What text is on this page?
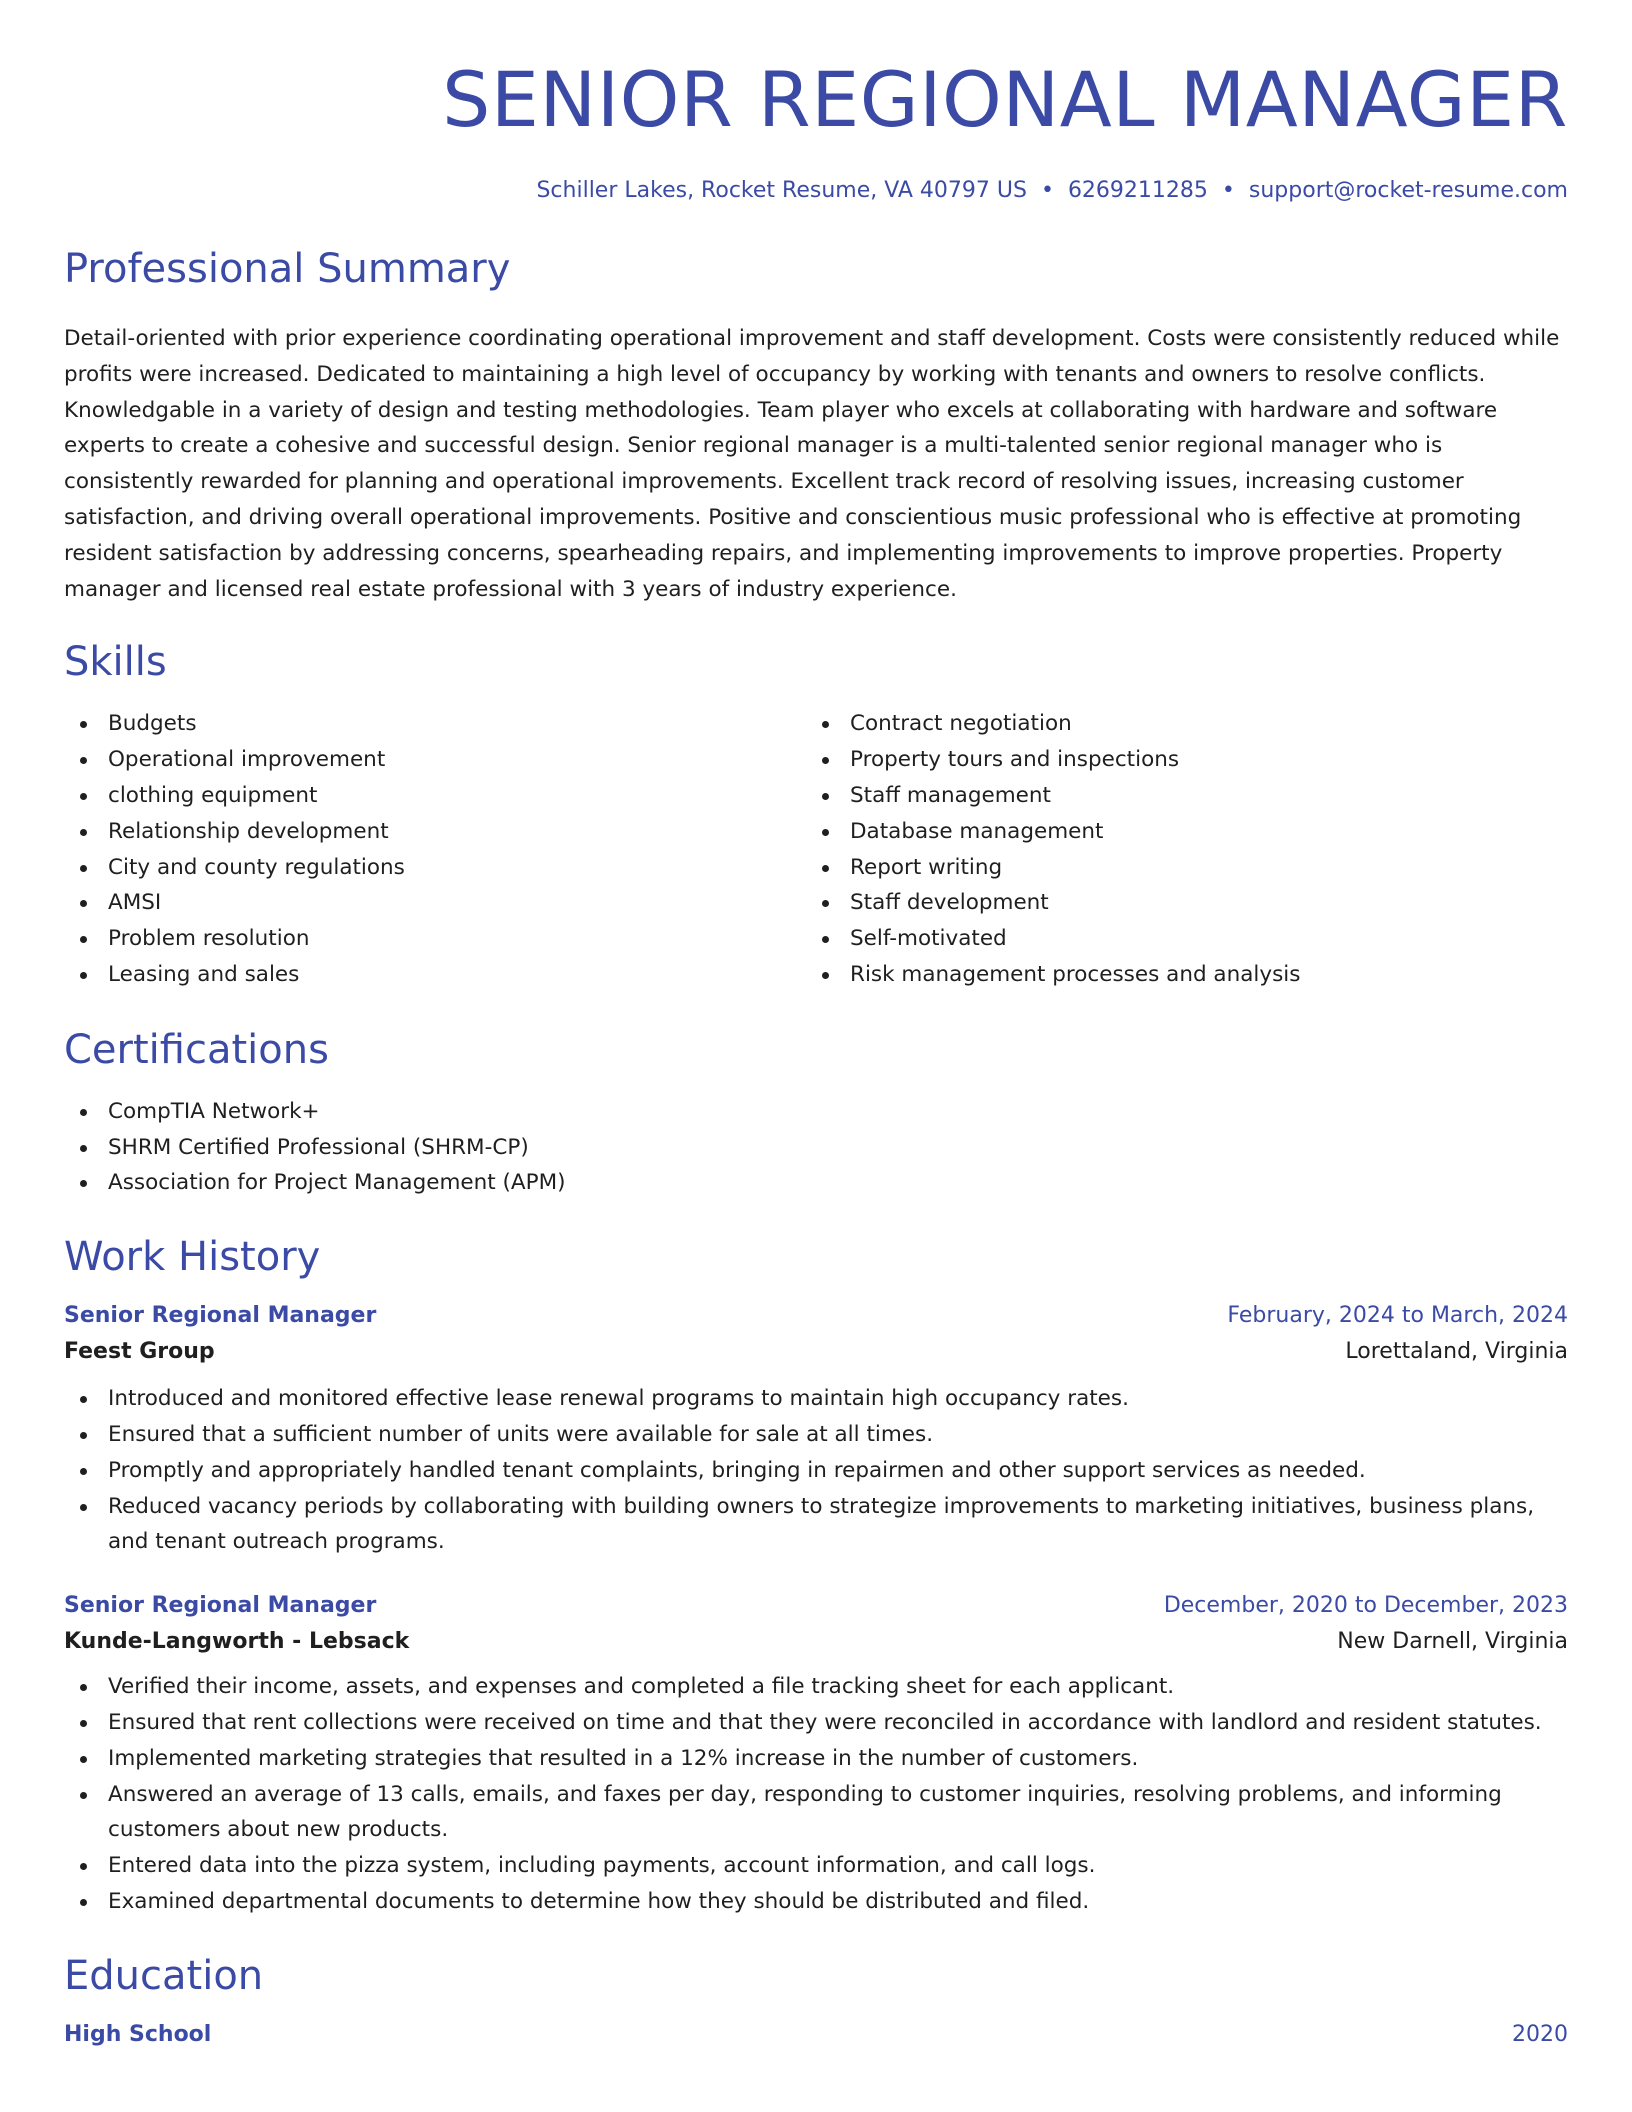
SENIOR REGIONAL MANAGER
Schiller Lakes, Rocket Resume, VA 40797 US • 6269211285 • support@rocket-resume.com
Professional Summary
Detail-oriented with prior experience coordinating operational improvement and staff development. Costs were consistently reduced while profits were increased. Dedicated to maintaining a high level of occupancy by working with tenants and owners to resolve conflicts. Knowledgable in a variety of design and testing methodologies. Team player who excels at collaborating with hardware and software experts to create a cohesive and successful design. Senior regional manager is a multi-talented senior regional manager who is consistently rewarded for planning and operational improvements. Excellent track record of resolving issues, increasing customer satisfaction, and driving overall operational improvements. Positive and conscientious music professional who is effective at promoting resident satisfaction by addressing concerns, spearheading repairs, and implementing improvements to improve properties. Property manager and licensed real estate professional with 3 years of industry experience.
Skills
Budgets
Operational improvement
clothing equipment
Relationship development
City and county regulations
AMSI
Problem resolution
Leasing and sales
Contract negotiation
Property tours and inspections
Staff management
Database management
Report writing
Staff development
Self-motivated
Risk management processes and analysis
Certifications
CompTIA Network+
SHRM Certified Professional (SHRM-CP)
Association for Project Management (APM)
Work History
Senior Regional Manager	February, 2024 to March, 2024
Feest Group	Lorettaland, Virginia
Introduced and monitored effective lease renewal programs to maintain high occupancy rates.
Ensured that a sufficient number of units were available for sale at all times.
Promptly and appropriately handled tenant complaints, bringing in repairmen and other support services as needed.
Reduced vacancy periods by collaborating with building owners to strategize improvements to marketing initiatives, business plans, and tenant outreach programs.
Senior Regional Manager	December, 2020 to December, 2023
Kunde-Langworth - Lebsack	New Darnell, Virginia
Verified their income, assets, and expenses and completed a file tracking sheet for each applicant.
Ensured that rent collections were received on time and that they were reconciled in accordance with landlord and resident statutes.
Implemented marketing strategies that resulted in a 12% increase in the number of customers.
Answered an average of 13 calls, emails, and faxes per day, responding to customer inquiries, resolving problems, and informing customers about new products.
Entered data into the pizza system, including payments, account information, and call logs.
Examined departmental documents to determine how they should be distributed and filed.
Education
High School	2020
